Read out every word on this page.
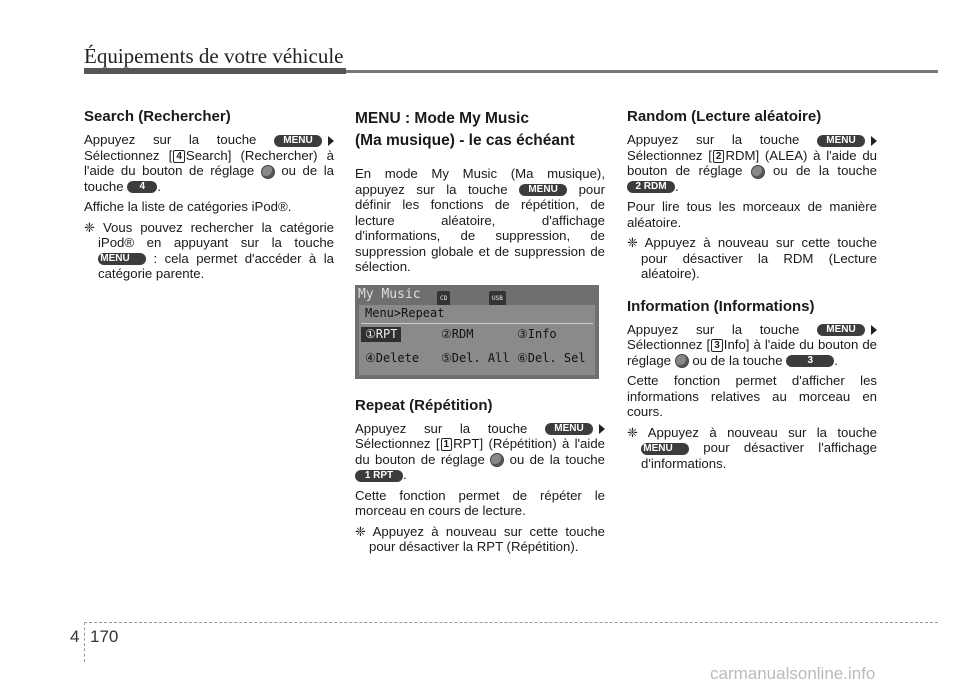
Équipements de votre véhicule
Search (Rechercher)

Appuyez sur la touche	MENU Sélectionnez [ 4 Search] (Rechercher) à l'aide du bouton de réglage ou de la touche 4 .

Affiche la liste de catégories iPod®.

❈ Vous pouvez rechercher la catégorie iPod® en appuyant sur la touche MENU : cela permet d'accéder à la catégorie parente.
MENU : Mode My Music
(Ma musique) - le cas échéant

En mode My Music (Ma musique), appuyez sur la touche MENU pour définir les fonctions de répétition, de lecture aléatoire, d'affichage d'informations, de suppression, de suppression globale et de suppression de sélection.

My Music	CD	USB
Menu>Repeat
①RPT	②RDM	③Info
④Delete ⑤Del. All ⑥Del. Sel
Repeat (Répétition)

Appuyez sur la touche	MENU Sélectionnez [ 1 RPT] (Répétition) à l'aide du bouton de réglage ou de la touche 1 RPT .

Cette fonction permet de répéter le morceau en cours de lecture.

❈ Appuyez à nouveau sur cette touche pour désactiver la RPT (Répétition).
Random (Lecture aléatoire)

Appuyez sur la touche	MENU Sélectionnez [ 2 RDM] (ALEA) à l'aide du bouton de réglage ou de la touche 2 RDM .

Pour lire tous les morceaux de manière aléatoire.

❈ Appuyez à nouveau sur cette touche pour désactiver la RDM (Lecture aléatoire).
Information (Informations)

Appuyez sur la touche	MENU Sélectionnez [ 3 Info] à l'aide du bouton de réglage ou de la touche 3 .

Cette fonction permet d'afficher les informations relatives au morceau en cours.

❈ Appuyez à nouveau sur la touche MENU pour désactiver l'affichage d'informations.
4 170
carmanualsonline.info
